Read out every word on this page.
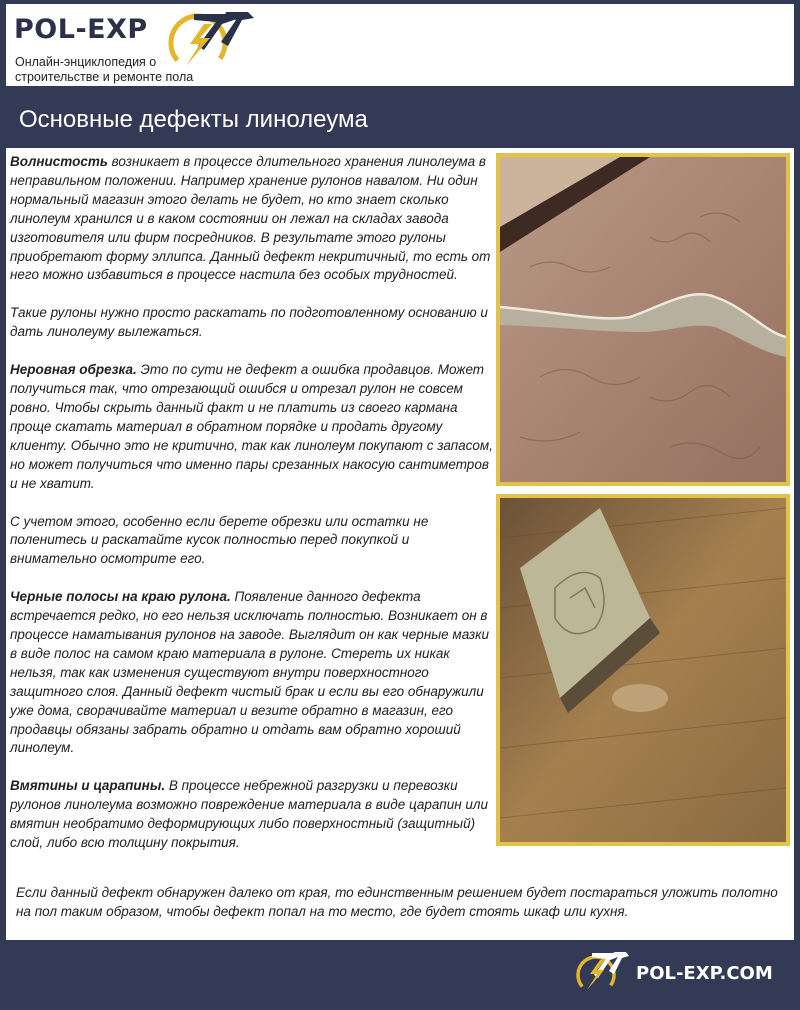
POL-EXP
Онлайн-энциклопедия о строительстве и ремонте пола
Основные дефекты линолеума

Волнистость возникает в процессе длительного хранения линолеума в неправильном положении. Например хранение рулонов навалом. Ни один нормальный магазин этого делать не будет, но кто знает сколько линолеум хранился и в каком состоянии он лежал на складах завода изготовителя или фирм посредников. В результате этого рулоны приобретают форму эллипса. Данный дефект некритичный, то есть от него можно избавиться в процессе настила без особых трудностей.

Такие рулоны нужно просто раскатать по подготовленному основанию и дать линолеуму вылежаться.

Неровная обрезка. Это по сути не дефект а ошибка продавцов. Может получиться так, что отрезающий ошибся и отрезал рулон не совсем ровно. Чтобы скрыть данный факт и не платить из своего кармана проще скатать материал в обратном порядке и продать другому клиенту. Обычно это не критично, так как линолеум покупают с запасом, но может получиться что именно пары срезанных накосую сантиметров и не хватит.

С учетом этого, особенно если берете обрезки или остатки не поленитесь и раскатайте кусок полностью перед покупкой и внимательно осмотрите его.

Черные полосы на краю рулона. Появление данного дефекта встречается редко, но его нельзя исключать полностью. Возникает он в процессе наматывания рулонов на заводе. Выглядит он как черные мазки в виде полос на самом краю материала в рулоне. Стереть их никак нельзя, так как изменения существуют внутри поверхностного защитного слоя. Данный дефект чистый брак и если вы его обнаружили уже дома, сворачивайте материал и везите обратно в магазин, его продавцы обязаны забрать обратно и отдать вам обратно хороший линолеум.

Вмятины и царапины. В процессе небрежной разгрузки и перевозки рулонов линолеума возможно повреждение материала в виде царапин или вмятин необратимо деформирующих либо поверхностный (защитный) слой, либо всю толщину покрытия.

Если данный дефект обнаружен далеко от края, то единственным решением будет постараться уложить полотно на пол таким образом, чтобы дефект попал на то место, где будет стоять шкаф или кухня.
POL-EXP.COM
